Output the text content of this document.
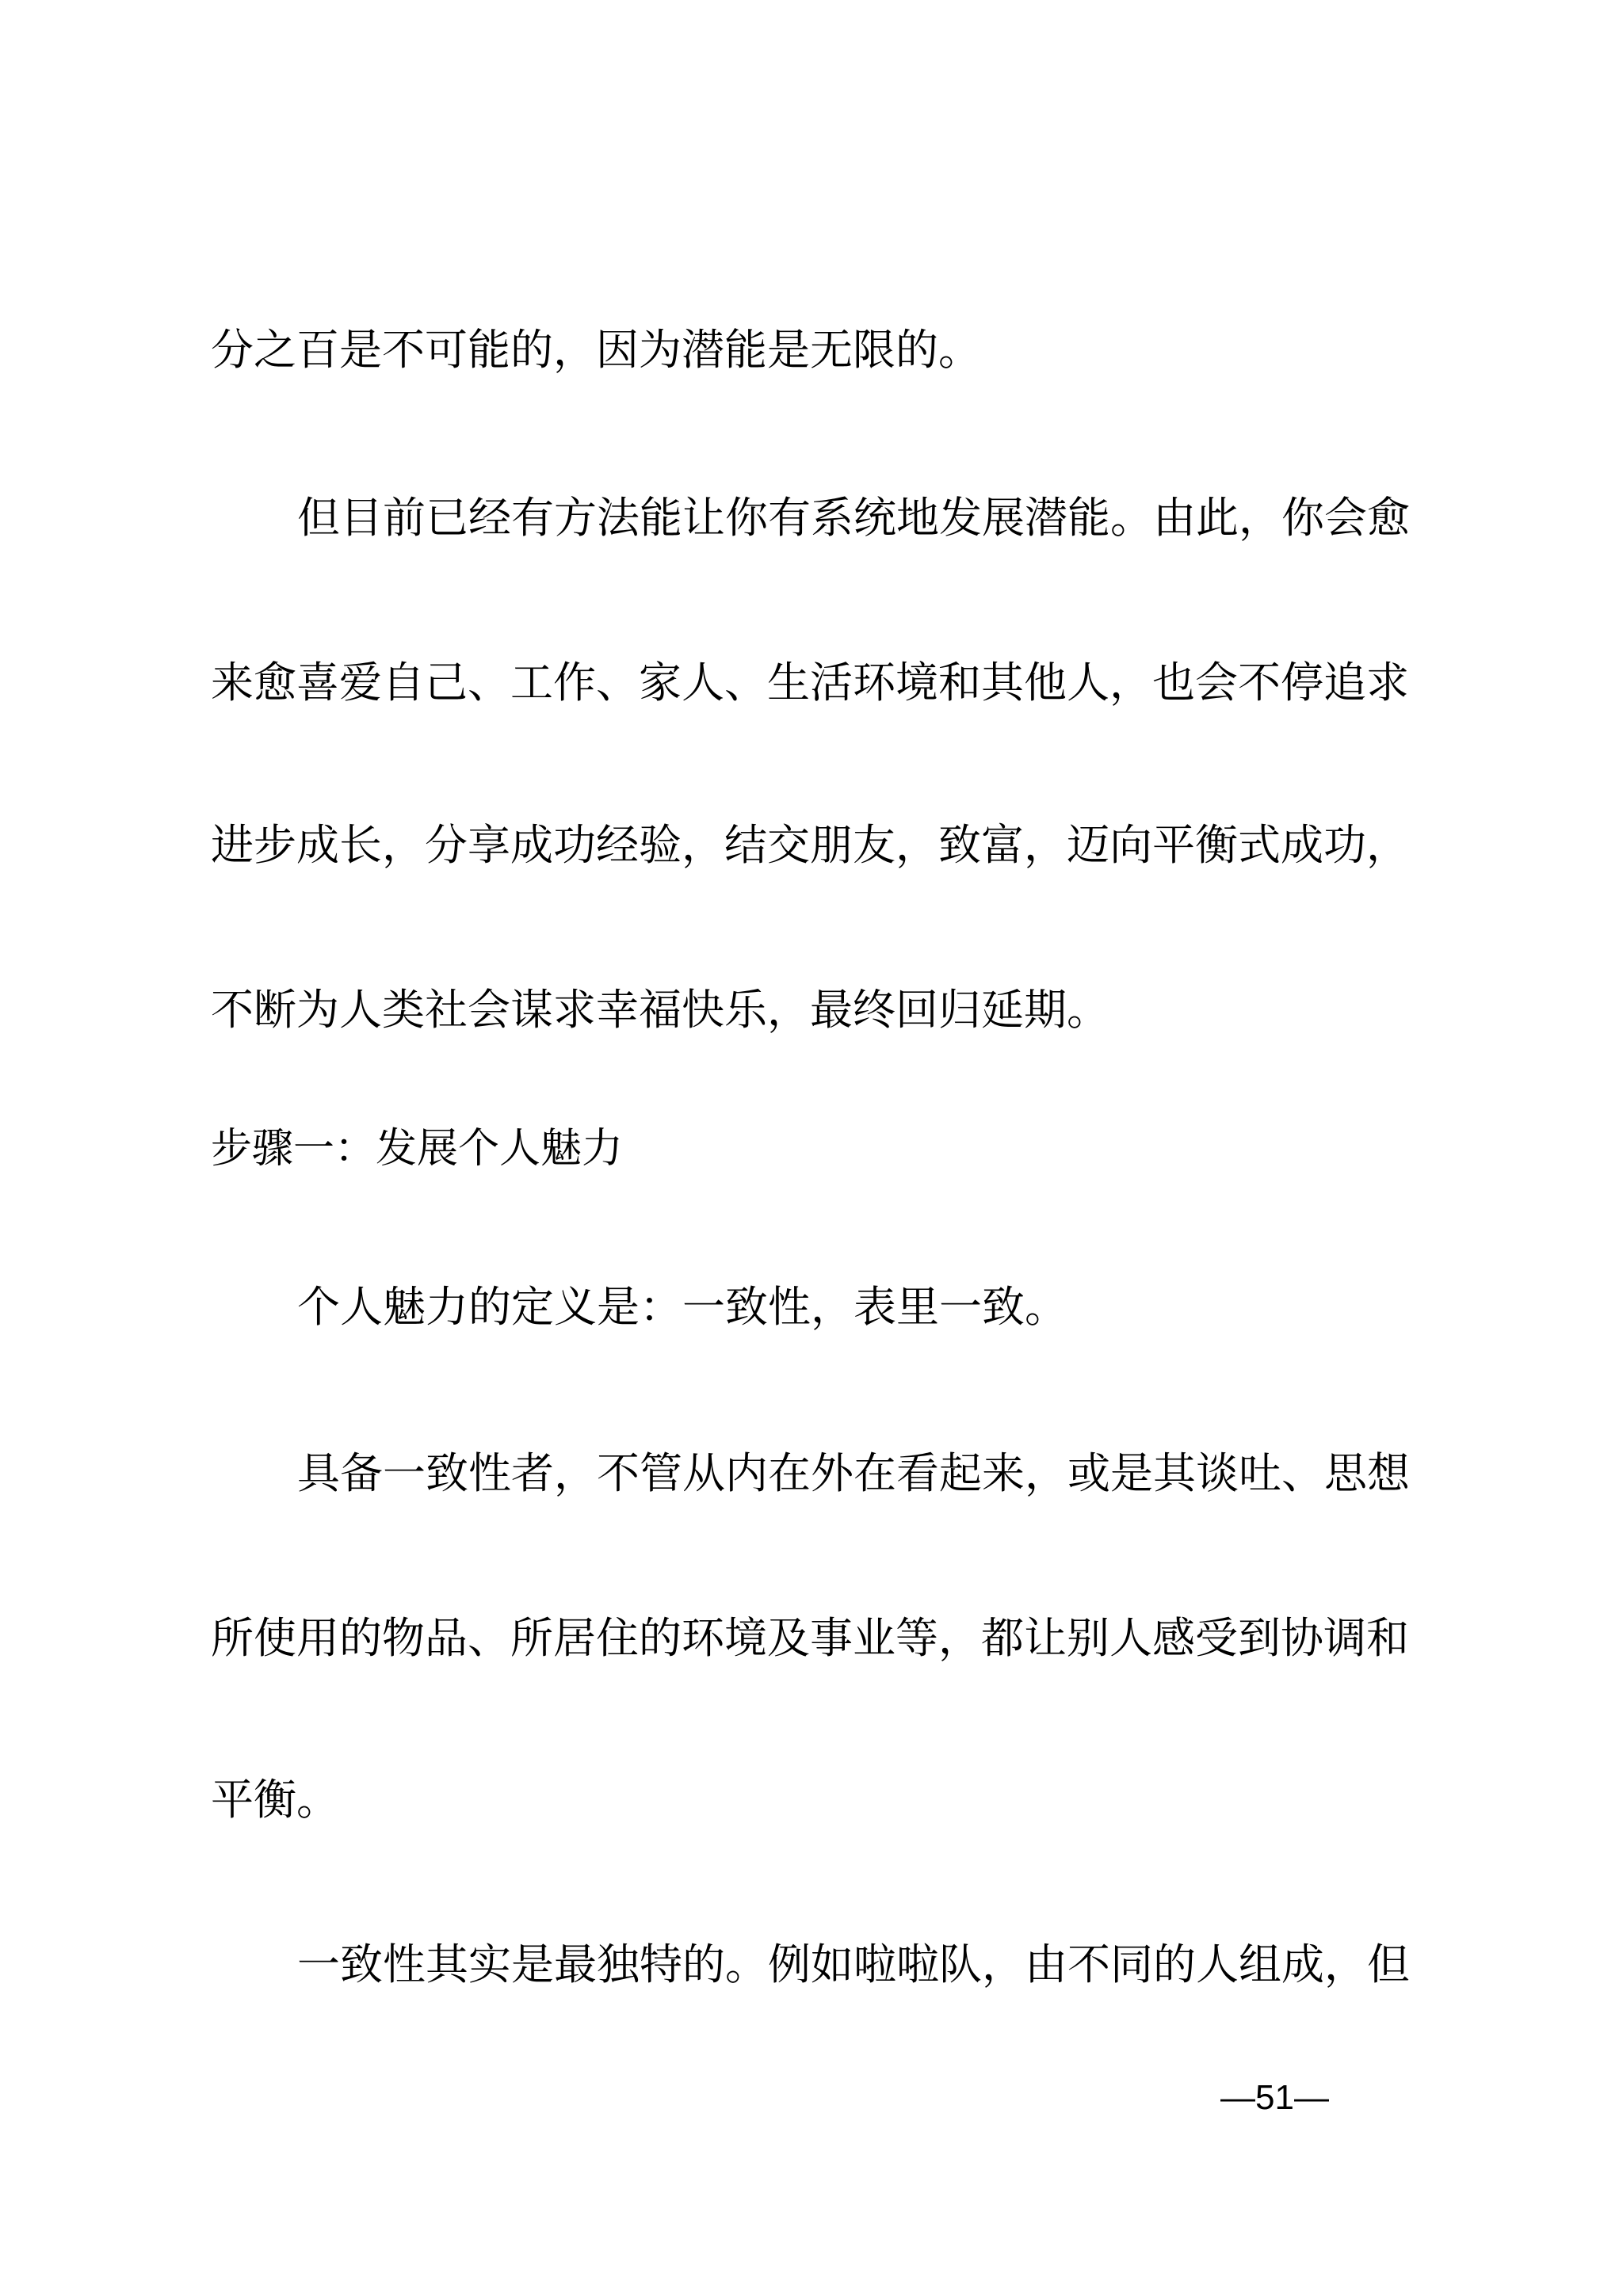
分之百是不可能的，因为潜能是无限的。

但目前已经有方法能让你有系统地发展潜能。由此，你会愈

来愈喜爱自己、工作、家人、生活环境和其他人，也会不停追求

进步成长，分享成功经验，结交朋友，致富，迈向平衡式成功，

不断为人类社会谋求幸福快乐，最终回归延期。

步骤一：发展个人魅力

个人魅力的定义是：一致性，表里一致。

具备一致性者，不管从内在外在看起来，或是其谈吐、思想

所使用的物品、所居住的环境及事业等，都让别人感受到协调和

平衡。

一致性其实是最独特的。例如啦啦队，由不同的人组成，但

—51—
